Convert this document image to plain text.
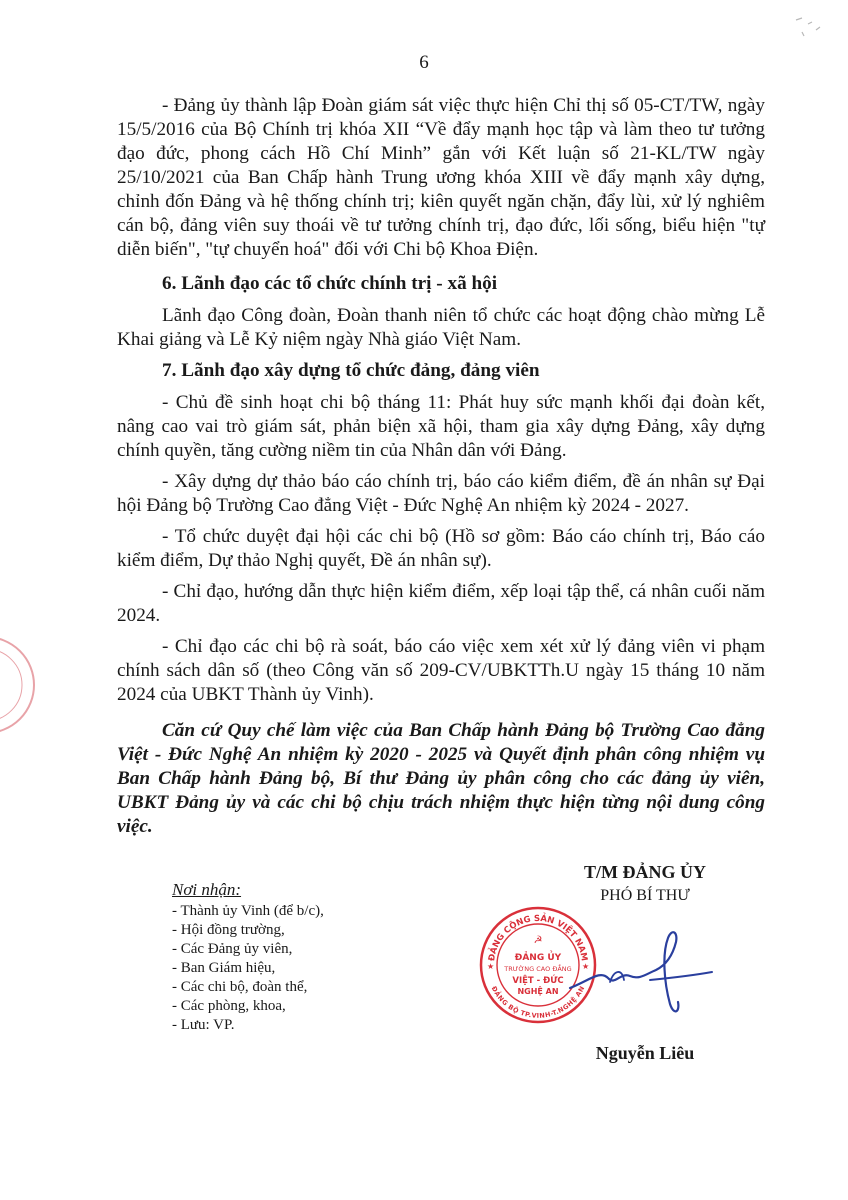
6

- Đảng ủy thành lập Đoàn giám sát việc thực hiện Chỉ thị số 05-CT/TW, ngày 15/5/2016 của Bộ Chính trị khóa XII “Về đẩy mạnh học tập và làm theo tư tưởng đạo đức, phong cách Hồ Chí Minh” gắn với Kết luận số 21-KL/TW ngày 25/10/2021 của Ban Chấp hành Trung ương khóa XIII về đẩy mạnh xây dựng, chỉnh đốn Đảng và hệ thống chính trị; kiên quyết ngăn chặn, đẩy lùi, xử lý nghiêm cán bộ, đảng viên suy thoái về tư tưởng chính trị, đạo đức, lối sống, biểu hiện "tự diễn biến", "tự chuyển hoá" đối với Chi bộ Khoa Điện.

6. Lãnh đạo các tổ chức chính trị - xã hội

Lãnh đạo Công đoàn, Đoàn thanh niên tổ chức các hoạt động chào mừng Lễ Khai giảng và Lễ Kỷ niệm ngày Nhà giáo Việt Nam.

7. Lãnh đạo xây dựng tổ chức đảng, đảng viên

- Chủ đề sinh hoạt chi bộ tháng 11: Phát huy sức mạnh khối đại đoàn kết, nâng cao vai trò giám sát, phản biện xã hội, tham gia xây dựng Đảng, xây dựng chính quyền, tăng cường niềm tin của Nhân dân với Đảng.

- Xây dựng dự thảo báo cáo chính trị, báo cáo kiểm điểm, đề án nhân sự Đại hội Đảng bộ Trường Cao đẳng Việt - Đức Nghệ An nhiệm kỳ 2024 - 2027.

- Tổ chức duyệt đại hội các chi bộ (Hồ sơ gồm: Báo cáo chính trị, Báo cáo kiểm điểm, Dự thảo Nghị quyết, Đề án nhân sự).

- Chỉ đạo, hướng dẫn thực hiện kiểm điểm, xếp loại tập thể, cá nhân cuối năm 2024.

- Chỉ đạo các chi bộ rà soát, báo cáo việc xem xét xử lý đảng viên vi phạm chính sách dân số (theo Công văn số 209-CV/UBKTTh.U ngày 15 tháng 10 năm 2024 của UBKT Thành ủy Vinh).

Căn cứ Quy chế làm việc của Ban Chấp hành Đảng bộ Trường Cao đẳng Việt - Đức Nghệ An nhiệm kỳ 2020 - 2025 và Quyết định phân công nhiệm vụ Ban Chấp hành Đảng bộ, Bí thư Đảng ủy phân công cho các đảng ủy viên, UBKT Đảng ủy và các chi bộ chịu trách nhiệm thực hiện từng nội dung công việc.

Nơi nhận:
- Thành ủy Vinh (để b/c),
- Hội đồng trường,
- Các Đảng ủy viên,
- Ban Giám hiệu,
- Các chi bộ, đoàn thể,
- Các phòng, khoa,
- Lưu: VP.
T/M ĐẢNG ỦY
PHÓ BÍ THƯ
ĐẢNG CỘNG SẢN VIỆT NAM
ĐẢNG BỘ TP.VINH-T.NGHỆ AN
☭
ĐẢNG ỦY
TRƯỜNG CAO ĐẲNG
VIỆT - ĐỨC
NGHỆ AN
★	★
Nguyễn Liêu
